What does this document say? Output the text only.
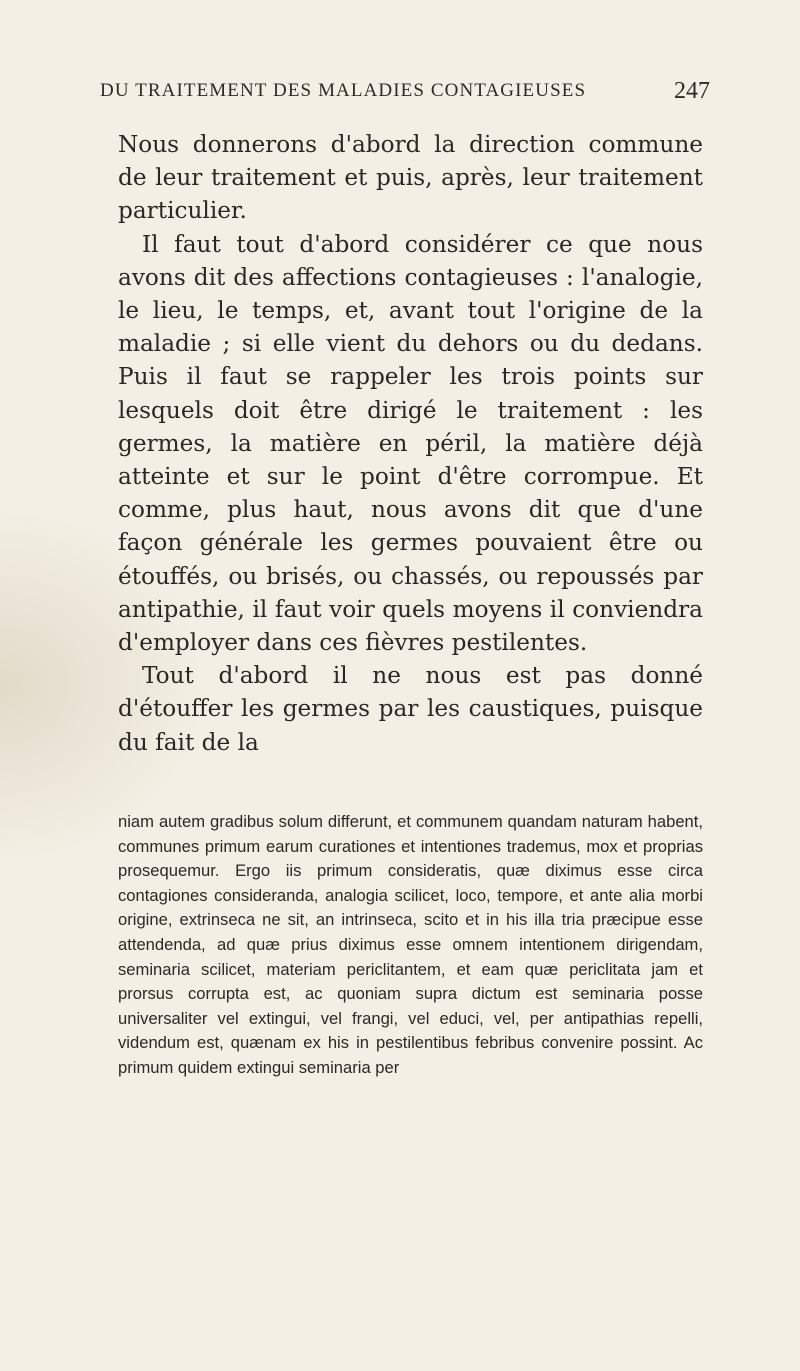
DU TRAITEMENT DES MALADIES CONTAGIEUSES	247

Nous donnerons d'abord la direction commune de leur traitement et puis, après, leur traitement particulier.

Il faut tout d'abord considérer ce que nous avons dit des affections contagieuses : l'analogie, le lieu, le temps, et, avant tout l'origine de la maladie ; si elle vient du dehors ou du dedans. Puis il faut se rappeler les trois points sur lesquels doit être dirigé le traitement : les germes, la matière en péril, la matière déjà atteinte et sur le point d'être corrompue. Et comme, plus haut, nous avons dit que d'une façon générale les germes pouvaient être ou étouffés, ou brisés, ou chassés, ou repoussés par antipathie, il faut voir quels moyens il conviendra d'employer dans ces fièvres pestilentes.

Tout d'abord il ne nous est pas donné d'étouffer les germes par les caustiques, puisque du fait de la

niam autem gradibus solum differunt, et communem quandam naturam habent, communes primum earum curationes et intentiones trademus, mox et proprias prosequemur. Ergo iis primum consideratis, quæ diximus esse circa contagiones consideranda, analogia scilicet, loco, tempore, et ante alia morbi origine, extrinseca ne sit, an intrinseca, scito et in his illa tria præcipue esse attendenda, ad quæ prius diximus esse omnem intentionem dirigendam, seminaria scilicet, materiam periclitantem, et eam quæ periclitata jam et prorsus corrupta est, ac quoniam supra dictum est seminaria posse universaliter vel extingui, vel frangi, vel educi, vel, per antipathias repelli, videndum est, quænam ex his in pestilentibus febribus convenire possint. Ac primum quidem extingui seminaria per
